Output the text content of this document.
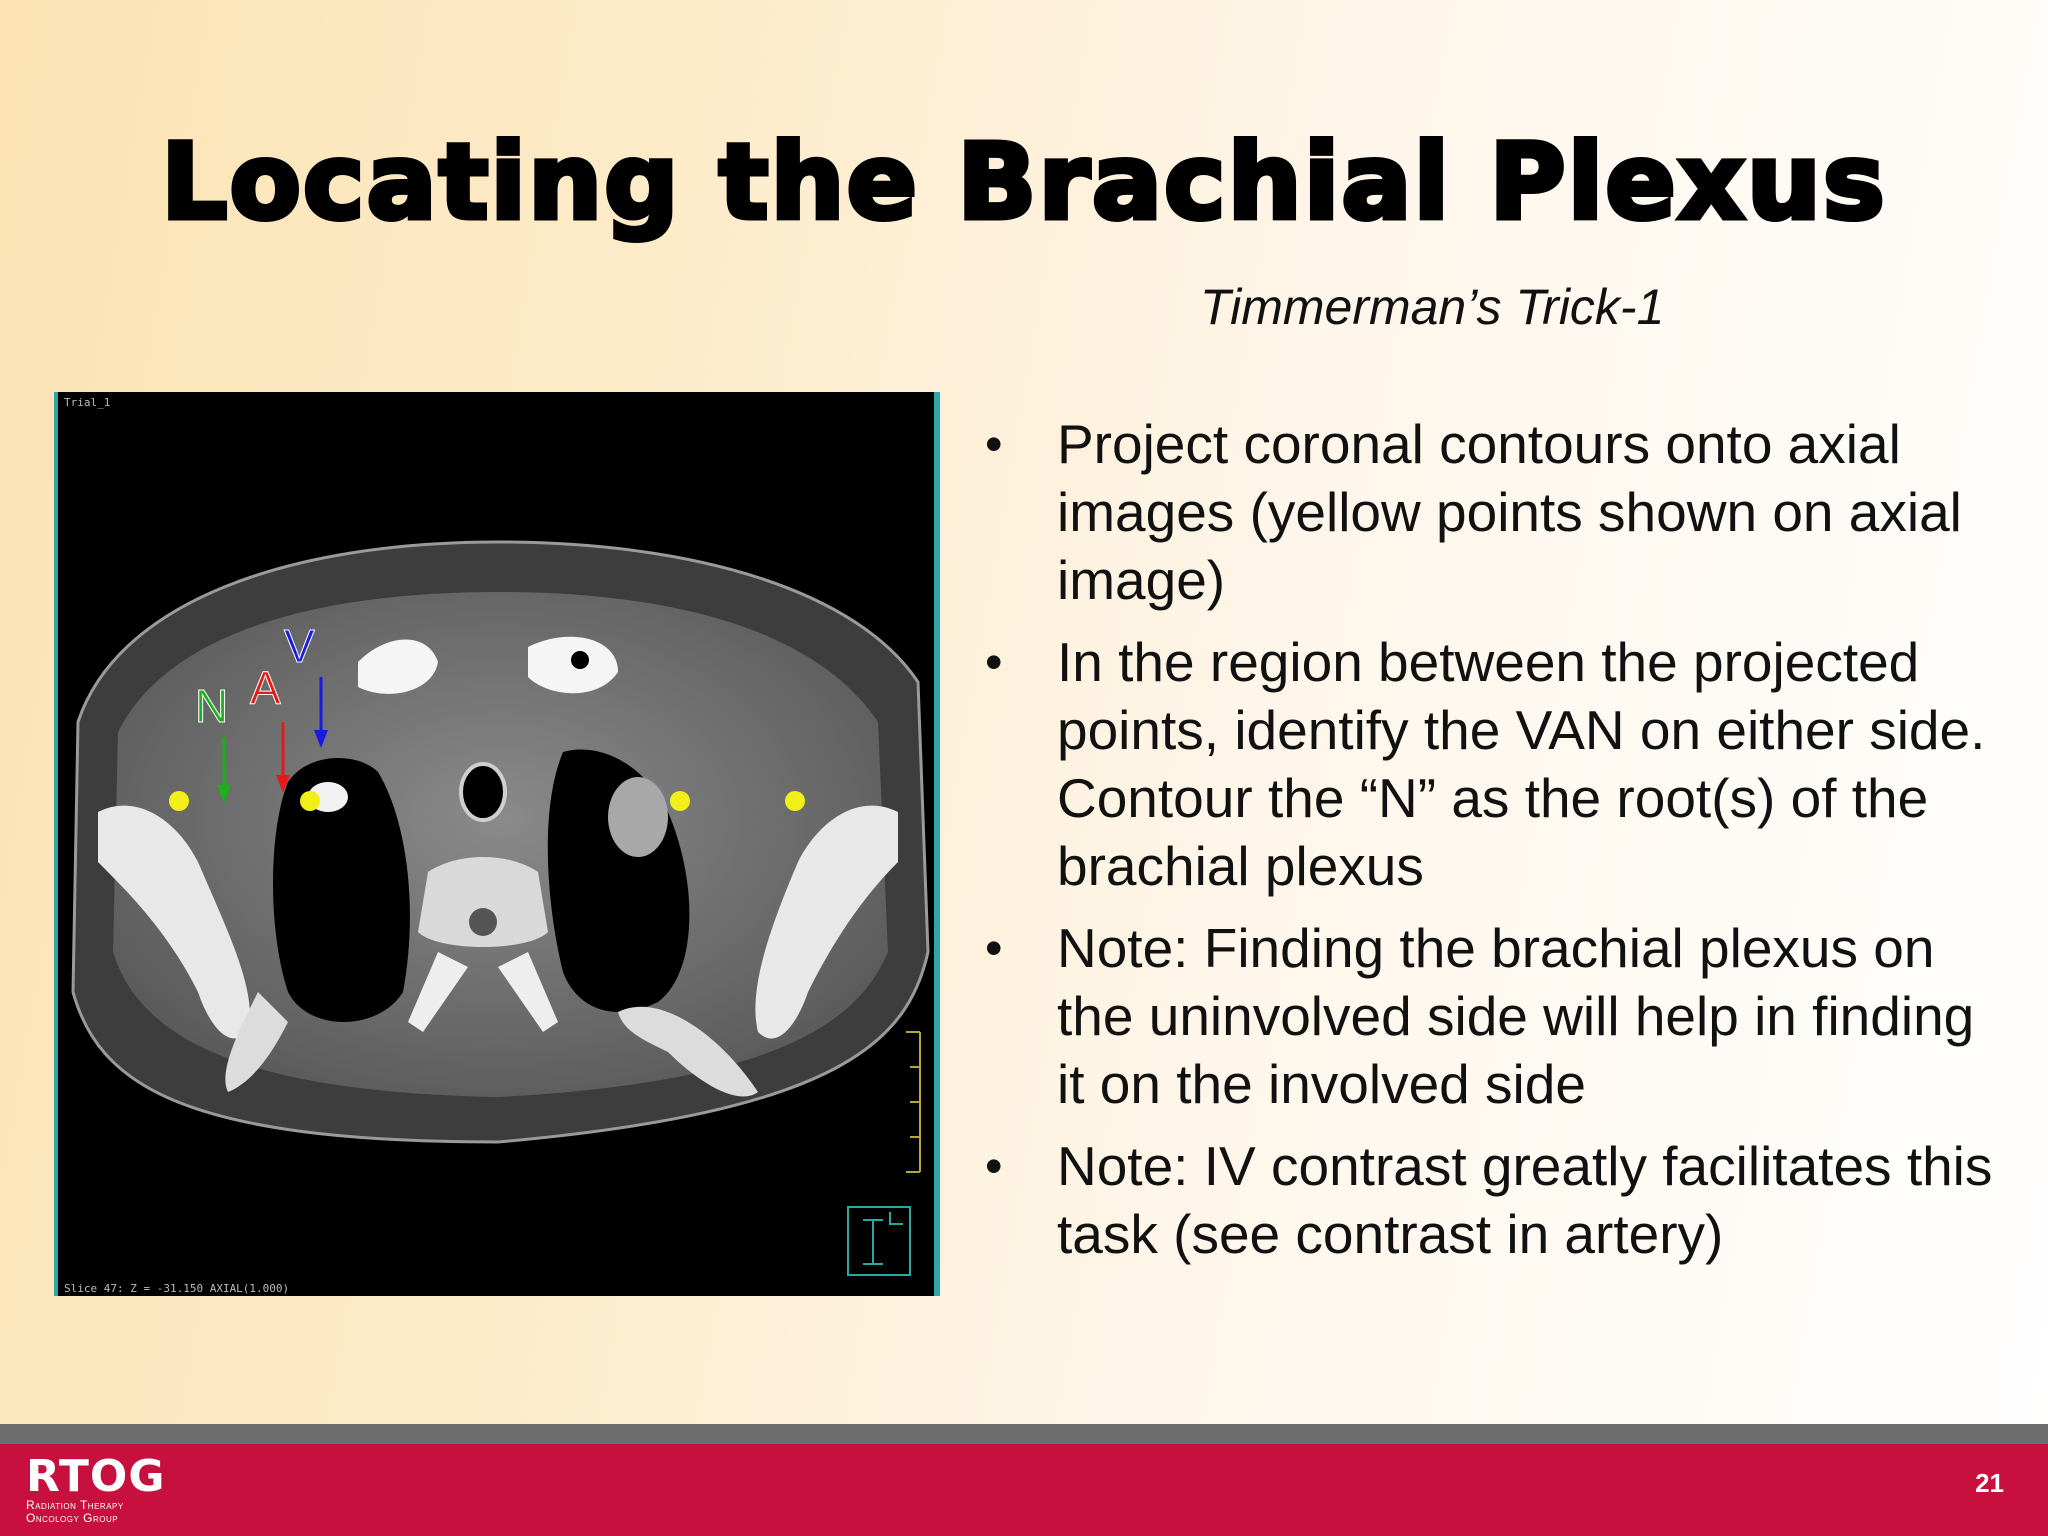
Locating the Brachial Plexus
Timmerman’s Trick-1
V
A
N
Trial_1
Slice 47: Z = -31.150 AXIAL(1.000)
• Project coronal contours onto axial images (yellow points shown on axial image)
• In the region between the projected points, identify the VAN on either side. Contour the “N” as the root(s) of the brachial plexus
• Note: Finding the brachial plexus on the uninvolved side will help in finding it on the involved side
• Note: IV contrast greatly facilitates this task (see contrast in artery)
RTOG
Radiation Therapy
Oncology Group
21
